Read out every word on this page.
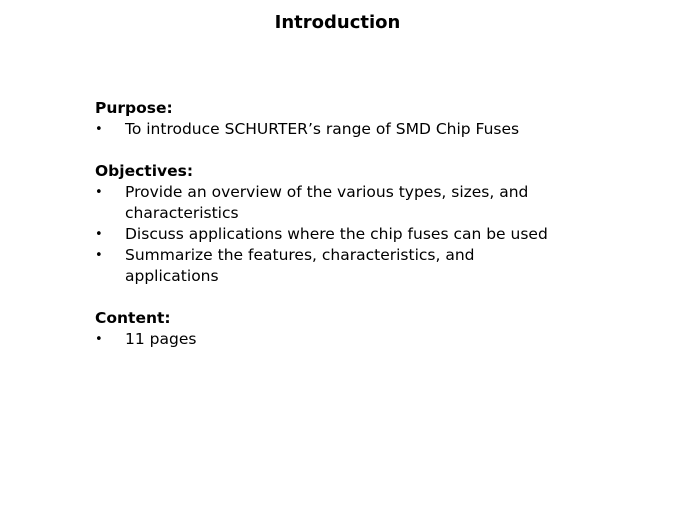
Introduction
Purpose:
• To introduce SCHURTER’s range of SMD Chip Fuses
Objectives:
• Provide an overview of the various types, sizes, and characteristics
• Discuss applications where the chip fuses can be used
• Summarize the features, characteristics, and applications
Content:
• 11 pages
